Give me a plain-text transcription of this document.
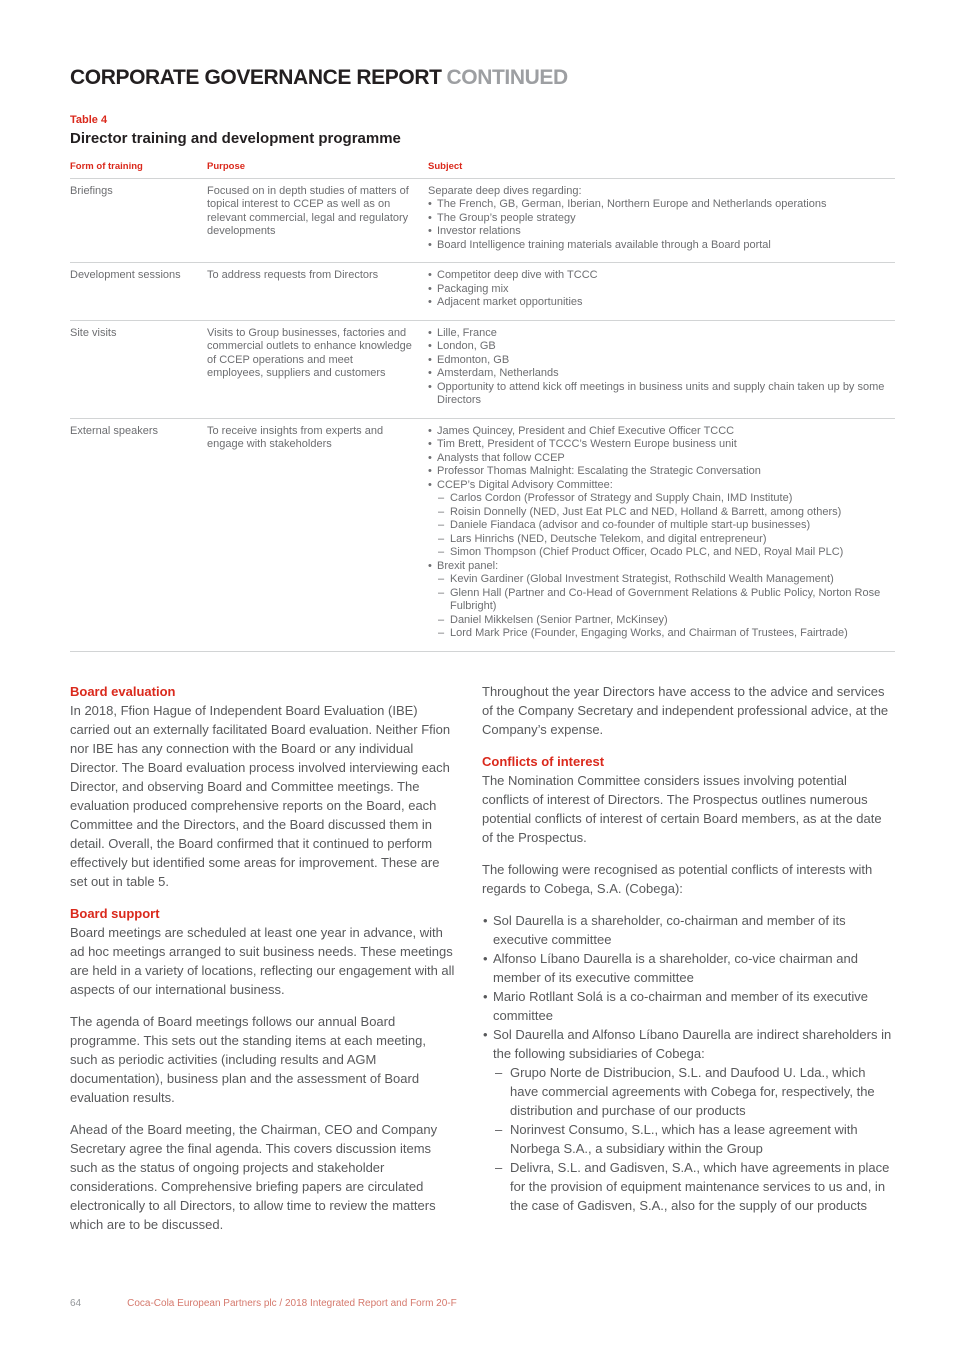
CORPORATE GOVERNANCE REPORT CONTINUED
Table 4
Director training and development programme
Form of training	Purpose	Subject
Briefings	Focused on in depth studies of matters of topical interest to CCEP as well as on relevant commercial, legal and regulatory developments	Separate deep dives regarding:
• The French, GB, German, Iberian, Northern Europe and Netherlands operations
• The Group’s people strategy
• Investor relations
• Board Intelligence training materials available through a Board portal

Development sessions	To address requests from Directors	• Competitor deep dive with TCCC
• Packaging mix
• Adjacent market opportunities

Site visits	Visits to Group businesses, factories and commercial outlets to enhance knowledge of CCEP operations and meet employees, suppliers and customers	• Lille, France
• London, GB
• Edmonton, GB
• Amsterdam, Netherlands
• Opportunity to attend kick off meetings in business units and supply chain taken up by some Directors

External speakers	To receive insights from experts and engage with stakeholders	
• James Quincey, President and Chief Executive Officer TCCC
• Tim Brett, President of TCCC’s Western Europe business unit
• Analysts that follow CCEP
• Professor Thomas Malnight: Escalating the Strategic Conversation
• CCEP’s Digital Advisory Committee:
– Carlos Cordon (Professor of Strategy and Supply Chain, IMD Institute)
– Roisin Donnelly (NED, Just Eat PLC and NED, Holland & Barrett, among others)
– Daniele Fiandaca (advisor and co-founder of multiple start-up businesses)
– Lars Hinrichs (NED, Deutsche Telekom, and digital entrepreneur)
– Simon Thompson (Chief Product Officer, Ocado PLC, and NED, Royal Mail PLC)
• Brexit panel:
– Kevin Gardiner (Global Investment Strategist, Rothschild Wealth Management)
– Glenn Hall (Partner and Co-Head of Government Relations & Public Policy, Norton Rose Fulbright)
– Daniel Mikkelsen (Senior Partner, McKinsey)
– Lord Mark Price (Founder, Engaging Works, and Chairman of Trustees, Fairtrade)
Board evaluation

In 2018, Ffion Hague of Independent Board Evaluation (IBE) carried out an externally facilitated Board evaluation. Neither Ffion nor IBE has any connection with the Board or any individual Director. The Board evaluation process involved interviewing each Director, and observing Board and Committee meetings. The evaluation produced comprehensive reports on the Board, each Committee and the Directors, and the Board discussed them in detail. Overall, the Board confirmed that it continued to perform effectively but identified some areas for improvement. These are set out in table 5.

Board support

Board meetings are scheduled at least one year in advance, with ad hoc meetings arranged to suit business needs. These meetings are held in a variety of locations, reflecting our engagement with all aspects of our international business.

The agenda of Board meetings follows our annual Board programme. This sets out the standing items at each meeting, such as periodic activities (including results and AGM documentation), business plan and the assessment of Board evaluation results.

Ahead of the Board meeting, the Chairman, CEO and Company Secretary agree the final agenda. This covers discussion items such as the status of ongoing projects and stakeholder considerations. Comprehensive briefing papers are circulated electronically to all Directors, to allow time to review the matters which are to be discussed.

Throughout the year Directors have access to the advice and services of the Company Secretary and independent professional advice, at the Company’s expense.

Conflicts of interest

The Nomination Committee considers issues involving potential conflicts of interest of Directors. The Prospectus outlines numerous potential conflicts of interest of certain Board members, as at the date of the Prospectus.

The following were recognised as potential conflicts of interests with regards to Cobega, S.A. (Cobega):

• Sol Daurella is a shareholder, co-chairman and member of its executive committee
• Alfonso Líbano Daurella is a shareholder, co-vice chairman and member of its executive committee
• Mario Rotllant Solá is a co-chairman and member of its executive committee
• Sol Daurella and Alfonso Líbano Daurella are indirect shareholders in the following subsidiaries of Cobega:
– Grupo Norte de Distribucion, S.L. and Daufood U. Lda., which have commercial agreements with Cobega for, respectively, the distribution and purchase of our products
– Norinvest Consumo, S.L., which has a lease agreement with Norbega S.A., a subsidiary within the Group
– Delivra, S.L. and Gadisven, S.A., which have agreements in place for the provision of equipment maintenance services to us and, in the case of Gadisven, S.A., also for the supply of our products
64	Coca-Cola European Partners plc / 2018 Integrated Report and Form 20-F
